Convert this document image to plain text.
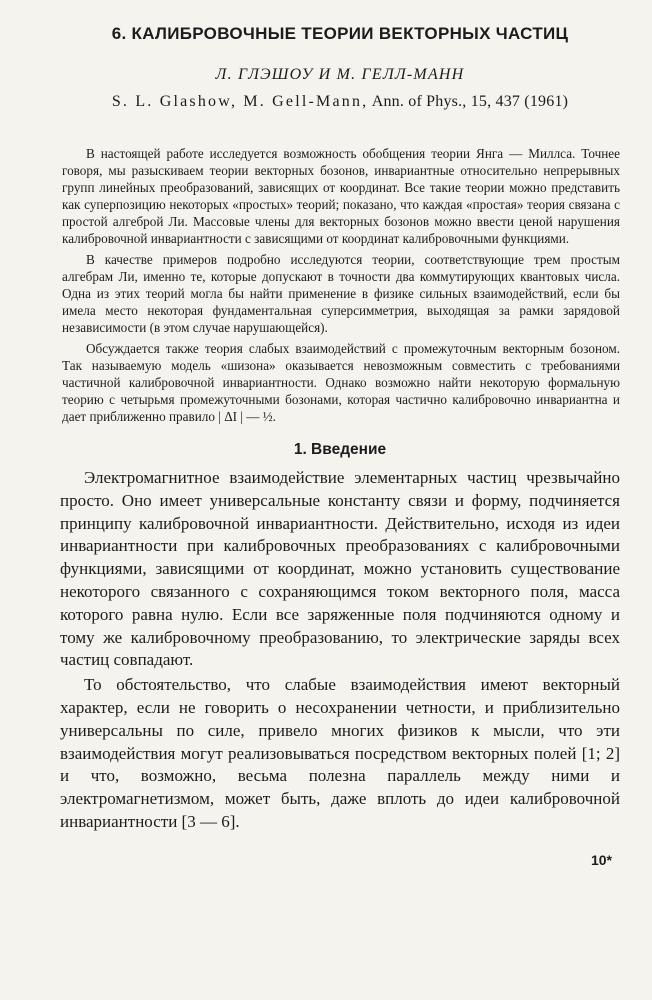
6. КАЛИБРОВОЧНЫЕ ТЕОРИИ ВЕКТОРНЫХ ЧАСТИЦ
Л. ГЛЭШОУ И М. ГЕЛЛ-МАНН
S. L. Glashow, M. Gell-Mann, Ann. of Phys., 15, 437 (1961)

В настоящей работе исследуется возможность обобщения теории Янга — Миллса. Точнее говоря, мы разыскиваем теории векторных бозонов, инвариантные относительно непрерывных групп линейных преобразований, зависящих от координат. Все такие теории можно представить как суперпозицию некоторых «простых» теорий; показано, что каждая «простая» теория связана с простой алгеброй Ли. Массовые члены для векторных бозонов можно ввести ценой нарушения калибровочной инвариантности с зависящими от координат калибровочными функциями.

В качестве примеров подробно исследуются теории, соответствующие трем простым алгебрам Ли, именно те, которые допускают в точности два коммутирующих квантовых числа. Одна из этих теорий могла бы найти применение в физике сильных взаимодействий, если бы имела место некоторая фундаментальная суперсимметрия, выходящая за рамки зарядовой независимости (в этом случае нарушающейся).

Обсуждается также теория слабых взаимодействий с промежуточным векторным бозоном. Так называемую модель «шизона» оказывается невозможным совместить с требованиями частичной калибровочной инвариантности. Однако возможно найти некоторую формальную теорию с четырьмя промежуточными бозонами, которая частично калибровочно инвариантна и дает приближенно правило | ΔI | — ½.

1. Введение

Электромагнитное взаимодействие элементарных частиц чрезвычайно просто. Оно имеет универсальные константу связи и форму, подчиняется принципу калибровочной инвариантности. Действительно, исходя из идеи инвариантности при калибровочных преобразованиях с калибровочными функциями, зависящими от координат, можно установить существование некоторого связанного с сохраняющимся током векторного поля, масса которого равна нулю. Если все заряженные поля подчиняются одному и тому же калибровочному преобразованию, то электрические заряды всех частиц совпадают.

То обстоятельство, что слабые взаимодействия имеют векторный характер, если не говорить о несохранении четности, и приблизительно универсальны по силе, привело многих физиков к мысли, что эти взаимодействия могут реализовываться посредством векторных полей [1; 2] и что, возможно, весьма полезна параллель между ними и электромагнетизмом, может быть, даже вплоть до идеи калибровочной инвариантности [3 — 6].

10*
